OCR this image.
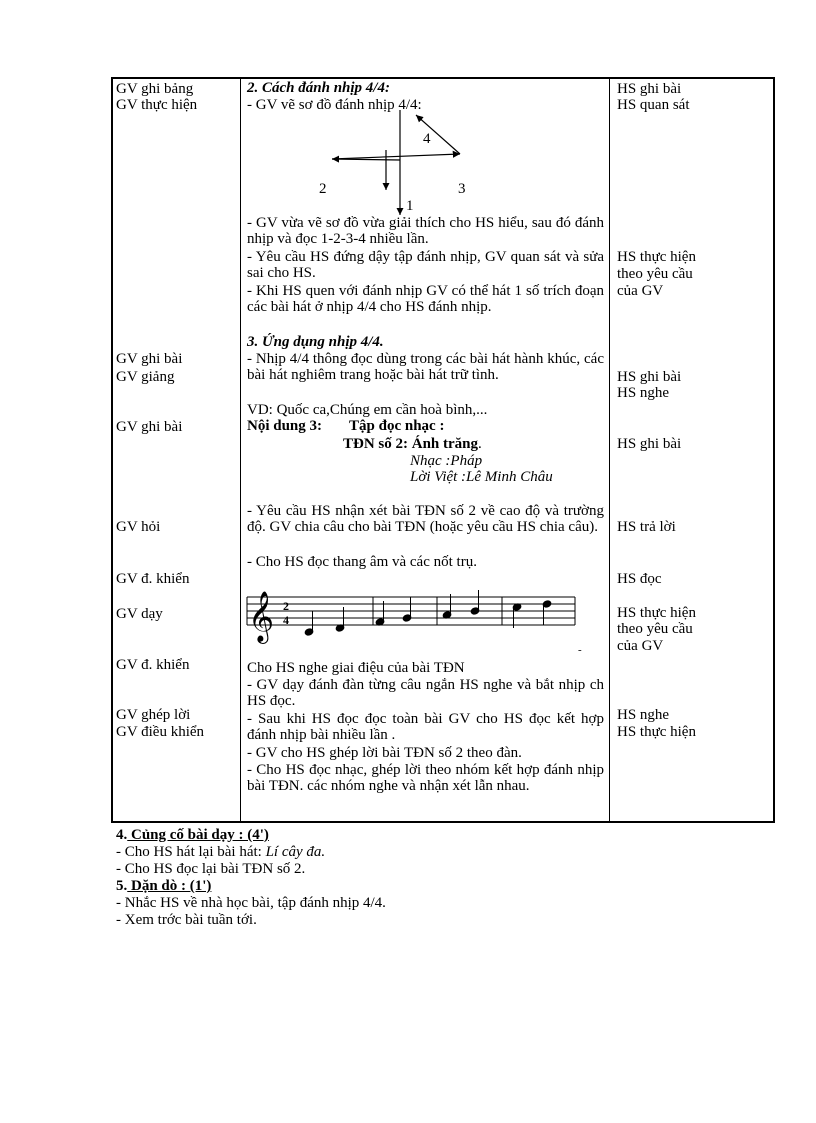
GV ghi bảng
GV thực hiện
GV ghi bài
GV giảng
GV ghi bài
GV hỏi
GV đ. khiển
GV dạy
GV đ. khiển
GV ghép lời
GV điều khiển
HS ghi bài
HS quan sát
HS thực hiện
theo yêu cầu
của GV
HS ghi bài
HS nghe
HS ghi bài
HS trả lời
HS đọc
HS thực hiện
theo yêu cầu
của GV
HS nghe
HS thực hiện
2. Cách đánh nhịp 4/4:
- GV vẽ sơ đồ đánh nhịp 4/4:
4
2	3
1
- GV vừa vẽ sơ đồ vừa giải thích cho HS hiểu, sau đó đánh nhịp và đọc 1-2-3-4 nhiều lần.
- Yêu cầu HS đứng dậy tập đánh nhịp, GV quan sát và sửa sai cho HS.
- Khi HS quen với đánh nhịp GV có thể hát 1 số trích đoạn các bài hát ở nhịp 4/4 cho HS đánh nhịp.
3. Ứng dụng nhịp 4/4.
- Nhịp 4/4 thông đọc dùng trong các bài hát hành khúc, các bài hát nghiêm trang hoặc bài hát trữ tình.
VD: Quốc ca,Chúng em cần hoà bình,...
Nội dung 3: Tập đọc nhạc :
TĐN số 2: Ánh trăng.
Nhạc :Pháp
Lời Việt :Lê Minh Châu
- Yêu cầu HS nhận xét bài TĐN số 2 về cao độ và trường độ. GV chia câu cho bài TĐN (hoặc yêu cầu HS chia câu).
- Cho HS đọc thang âm và các nốt trụ.
𝄞 2
4
-
Cho HS nghe giai điệu của bài TĐN
- GV dạy đánh đàn từng câu ngắn HS nghe và bắt nhịp ch HS đọc.
- Sau khi HS đọc đọc toàn bài GV cho HS đọc kết hợp đánh nhịp bài nhiều lần .
- GV cho HS ghép lời bài TĐN số 2 theo đàn.
- Cho HS đọc nhạc, ghép lời theo nhóm kết hợp đánh nhịp bài TĐN. các nhóm nghe và nhận xét lẫn nhau.
4. Củng cố bài dạy : (4')
- Cho HS hát lại bài hát: Lí cây đa.
- Cho HS đọc lại bài TĐN số 2.
5. Dặn dò : (1')
- Nhắc HS về nhà học bài, tập đánh nhịp 4/4.
- Xem trớc bài tuần tới.
